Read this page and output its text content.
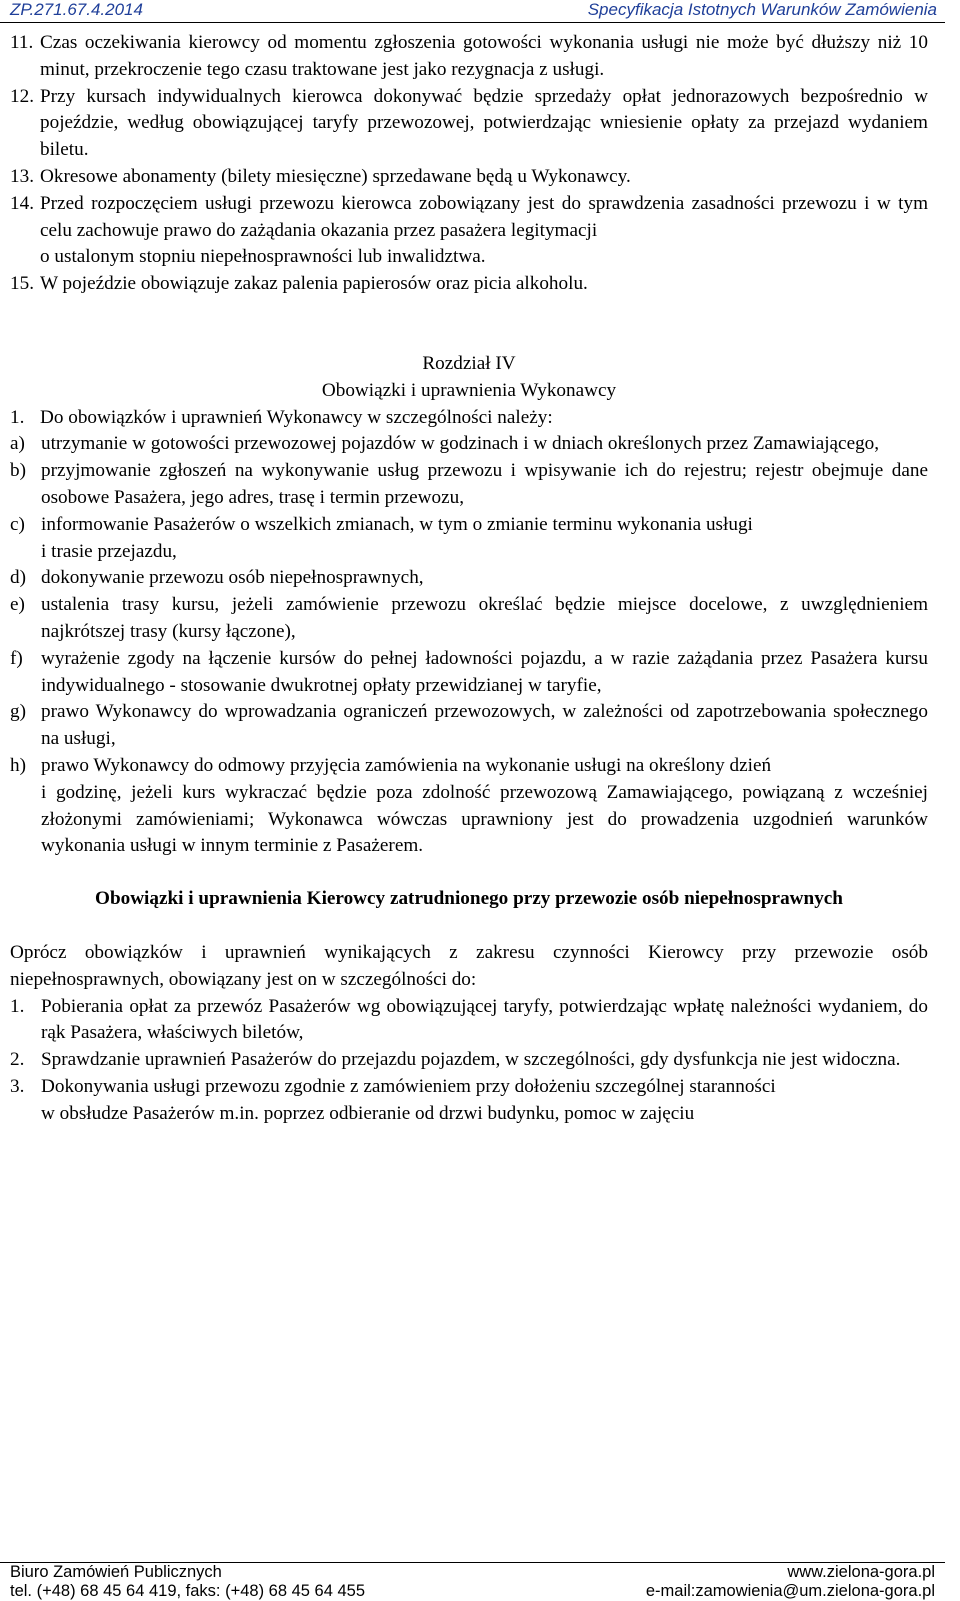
ZP.271.67.4.2014	Specyfikacja Istotnych Warunków Zamówienia
11. Czas oczekiwania kierowcy od momentu zgłoszenia gotowości wykonania usługi nie może być dłuższy niż 10 minut, przekroczenie tego czasu traktowane jest jako rezygnacja z usługi.
12. Przy kursach indywidualnych kierowca dokonywać będzie sprzedaży opłat jednorazowych bezpośrednio w pojeździe, według obowiązującej taryfy przewozowej, potwierdzając wniesienie opłaty za przejazd wydaniem biletu.
13. Okresowe abonamenty (bilety miesięczne) sprzedawane będą u Wykonawcy.
14. Przed rozpoczęciem usługi przewozu kierowca zobowiązany jest do sprawdzenia zasadności przewozu i w tym celu zachowuje prawo do zażądania okazania przez pasażera legitymacji
o ustalonym stopniu niepełnosprawności lub inwalidztwa.
15. W pojeździe obowiązuje zakaz palenia papierosów oraz picia alkoholu.
Rozdział IV
Obowiązki i uprawnienia Wykonawcy
1. Do obowiązków i uprawnień Wykonawcy w szczególności należy:
a) utrzymanie w gotowości przewozowej pojazdów w godzinach i w dniach określonych przez Zamawiającego,
b) przyjmowanie zgłoszeń na wykonywanie usług przewozu i wpisywanie ich do rejestru; rejestr obejmuje dane osobowe Pasażera, jego adres, trasę i termin przewozu,
c) informowanie Pasażerów o wszelkich zmianach, w tym o zmianie terminu wykonania usługi
i trasie przejazdu,
d) dokonywanie przewozu osób niepełnosprawnych,
e) ustalenia trasy kursu, jeżeli zamówienie przewozu określać będzie miejsce docelowe, z uwzględnieniem najkrótszej trasy (kursy łączone),
f) wyrażenie zgody na łączenie kursów do pełnej ładowności pojazdu, a w razie zażądania przez Pasażera kursu indywidualnego - stosowanie dwukrotnej opłaty przewidzianej w taryfie,
g) prawo Wykonawcy do wprowadzania ograniczeń przewozowych, w zależności od zapotrzebowania społecznego na usługi,
h) prawo Wykonawcy do odmowy przyjęcia zamówienia na wykonanie usługi na określony dzień
i godzinę, jeżeli kurs wykraczać będzie poza zdolność przewozową Zamawiającego, powiązaną z wcześniej złożonymi zamówieniami; Wykonawca wówczas uprawniony jest do prowadzenia uzgodnień warunków wykonania usługi w innym terminie z Pasażerem.
Obowiązki i uprawnienia Kierowcy zatrudnionego przy przewozie osób niepełnosprawnych
Oprócz obowiązków i uprawnień wynikających z zakresu czynności Kierowcy przy przewozie osób niepełnosprawnych, obowiązany jest on w szczególności do:
1. Pobierania opłat za przewóz Pasażerów wg obowiązującej taryfy, potwierdzając wpłatę należności wydaniem, do rąk Pasażera, właściwych biletów,
2. Sprawdzanie uprawnień Pasażerów do przejazdu pojazdem, w szczególności, gdy dysfunkcja nie jest widoczna.
3. Dokonywania usługi przewozu zgodnie z zamówieniem przy dołożeniu szczególnej staranności
w obsłudze Pasażerów m.in. poprzez odbieranie od drzwi budynku, pomoc w zajęciu
Biuro Zamówień Publicznych	www.zielona-gora.pl
tel. (+48) 68 45 64 419, faks: (+48) 68 45 64 455	e-mail:zamowienia@um.zielona-gora.pl
